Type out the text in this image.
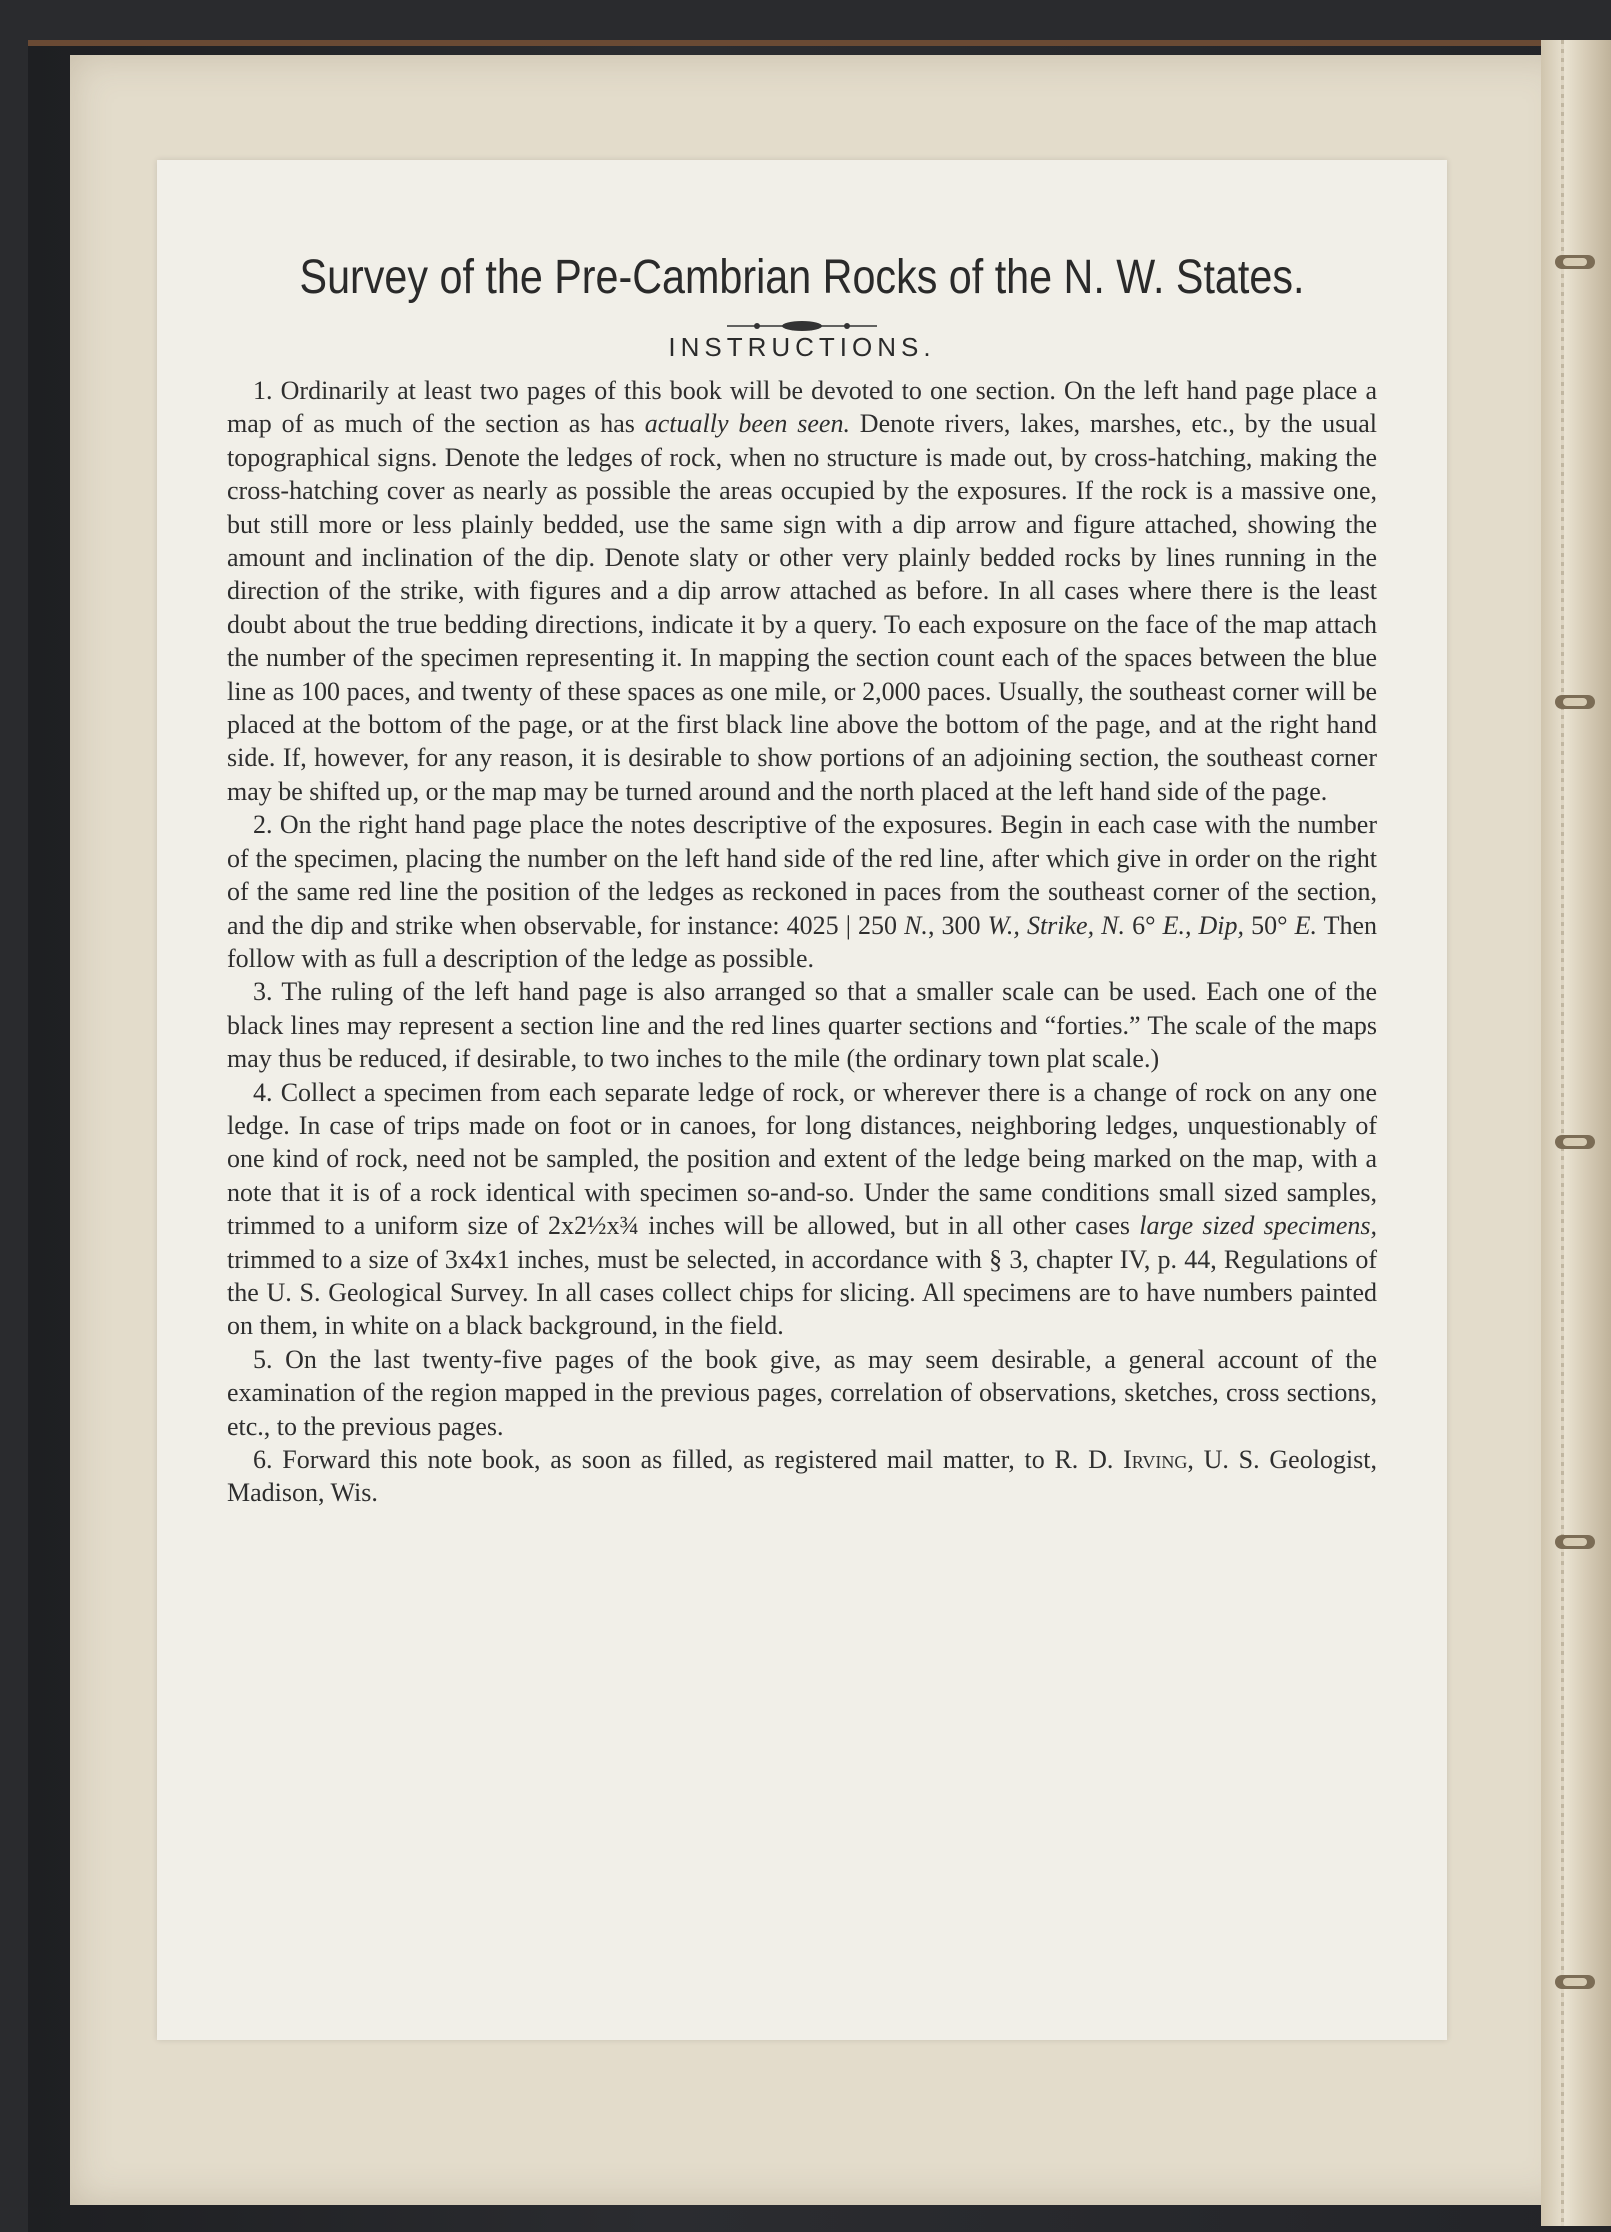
Survey of the Pre-Cambrian Rocks of the N. W. States.
INSTRUCTIONS.

1. Ordinarily at least two pages of this book will be devoted to one section. On the left hand page place a map of as much of the section as has actually been seen. Denote rivers, lakes, marshes, etc., by the usual topographical signs. Denote the ledges of rock, when no structure is made out, by cross-hatching, making the cross-hatching cover as nearly as possible the areas occupied by the exposures. If the rock is a massive one, but still more or less plainly bedded, use the same sign with a dip arrow and figure attached, showing the amount and inclination of the dip. Denote slaty or other very plainly bedded rocks by lines running in the direction of the strike, with figures and a dip arrow attached as before. In all cases where there is the least doubt about the true bedding directions, indicate it by a query. To each exposure on the face of the map attach the number of the specimen representing it. In mapping the section count each of the spaces between the blue line as 100 paces, and twenty of these spaces as one mile, or 2,000 paces. Usually, the southeast corner will be placed at the bottom of the page, or at the first black line above the bottom of the page, and at the right hand side. If, however, for any reason, it is desirable to show portions of an adjoining section, the southeast corner may be shifted up, or the map may be turned around and the north placed at the left hand side of the page.

2. On the right hand page place the notes descriptive of the exposures. Begin in each case with the number of the specimen, placing the number on the left hand side of the red line, after which give in order on the right of the same red line the position of the ledges as reckoned in paces from the southeast corner of the section, and the dip and strike when observable, for instance: 4025 | 250 N., 300 W., Strike, N. 6° E., Dip, 50° E. Then follow with as full a description of the ledge as possible.

3. The ruling of the left hand page is also arranged so that a smaller scale can be used. Each one of the black lines may represent a section line and the red lines quarter sections and “forties.” The scale of the maps may thus be reduced, if desirable, to two inches to the mile (the ordinary town plat scale.)

4. Collect a specimen from each separate ledge of rock, or wherever there is a change of rock on any one ledge. In case of trips made on foot or in canoes, for long distances, neighboring ledges, unquestionably of one kind of rock, need not be sampled, the position and extent of the ledge being marked on the map, with a note that it is of a rock identical with specimen so-and-so. Under the same conditions small sized samples, trimmed to a uniform size of 2x2½x¾ inches will be allowed, but in all other cases large sized specimens, trimmed to a size of 3x4x1 inches, must be selected, in accordance with § 3, chapter IV, p. 44, Regulations of the U. S. Geological Survey. In all cases collect chips for slicing. All specimens are to have numbers painted on them, in white on a black background, in the field.

5. On the last twenty-five pages of the book give, as may seem desirable, a general account of the examination of the region mapped in the previous pages, correlation of observations, sketches, cross sections, etc., to the previous pages.

6. Forward this note book, as soon as filled, as registered mail matter, to R. D. Irving, U. S. Geologist, Madison, Wis.
